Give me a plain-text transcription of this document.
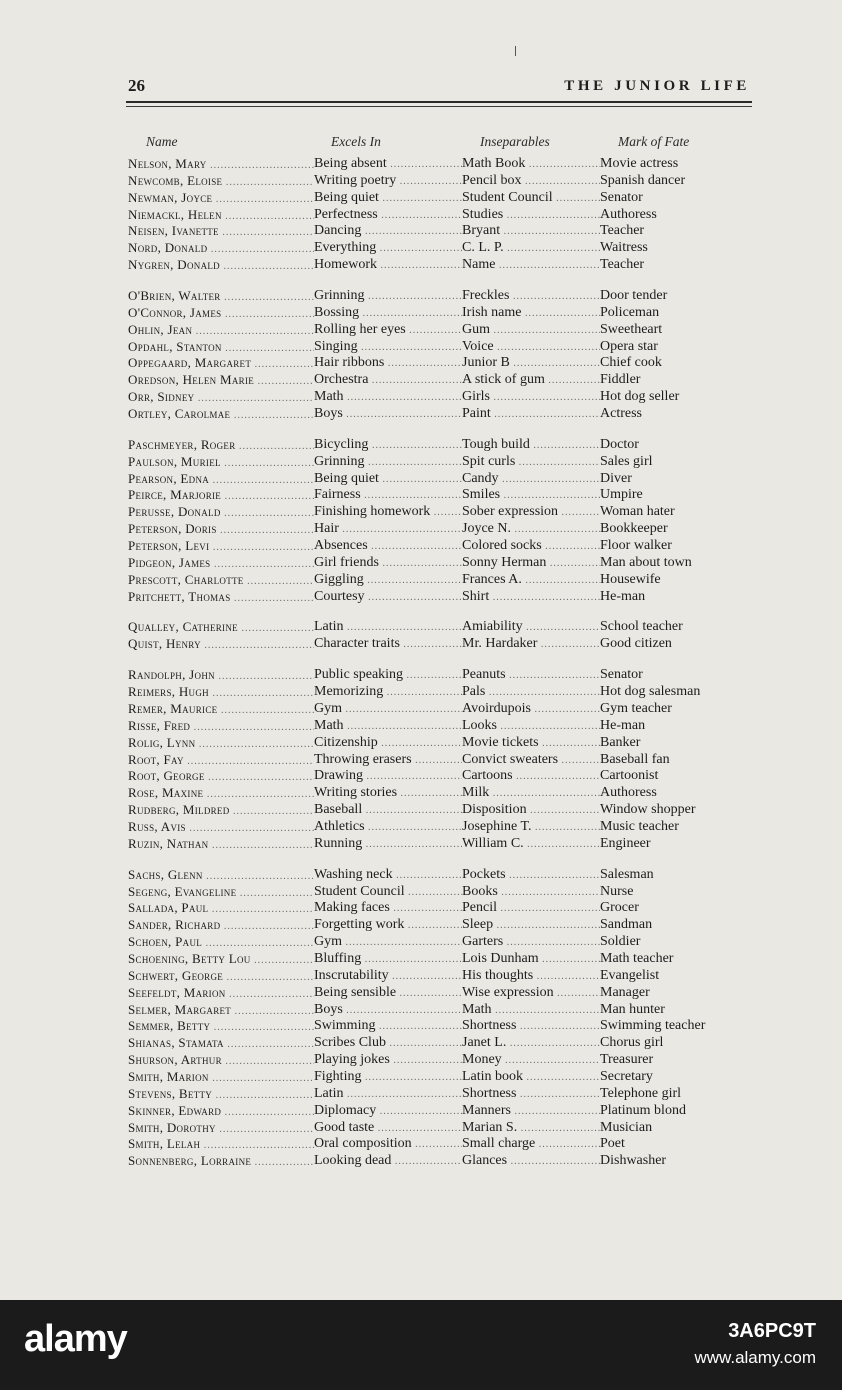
26	THE JUNIOR LIFE
Name	Excels In	Inseparables	Mark of Fate
Nelson, Mary .....	Being absent .....	Math Book .....	Movie actress
Newcomb, Eloise .....	Writing poetry .....	Pencil box .....	Spanish dancer
Newman, Joyce .....	Being quiet .....	Student Council .....	Senator
Niemackl, Helen .....	Perfectness .....	Studies .....	Authoress
Neisen, Ivanette .....	Dancing .....	Bryant .....	Teacher
Nord, Donald .....	Everything .....	C. L. P. .....	Waitress
Nygren, Donald .....	Homework .....	Name .....	Teacher
O'Brien, Walter .....	Grinning .....	Freckles .....	Door tender
O'Connor, James .....	Bossing .....	Irish name .....	Policeman
Ohlin, Jean .....	Rolling her eyes .....	Gum .....	Sweetheart
Opdahl, Stanton .....	Singing .....	Voice .....	Opera star
Oppegaard, Margaret .....	Hair ribbons .....	Junior B .....	Chief cook
Oredson, Helen Marie .....	Orchestra .....	A stick of gum .....	Fiddler
Orr, Sidney .....	Math .....	Girls .....	Hot dog seller
Ortley, Carolmae .....	Boys .....	Paint .....	Actress
Paschmeyer, Roger .....	Bicycling .....	Tough build .....	Doctor
Paulson, Muriel .....	Grinning .....	Spit curls .....	Sales girl
Pearson, Edna .....	Being quiet .....	Candy .....	Diver
Peirce, Marjorie .....	Fairness .....	Smiles .....	Umpire
Perusse, Donald .....	Finishing homework .....	Sober expression .....	Woman hater
Peterson, Doris .....	Hair .....	Joyce N. .....	Bookkeeper
Peterson, Levi .....	Absences .....	Colored socks .....	Floor walker
Pidgeon, James .....	Girl friends .....	Sonny Herman .....	Man about town
Prescott, Charlotte .....	Giggling .....	Frances A. .....	Housewife
Pritchett, Thomas .....	Courtesy .....	Shirt .....	He-man
Qualley, Catherine .....	Latin .....	Amiability .....	School teacher
Quist, Henry .....	Character traits .....	Mr. Hardaker .....	Good citizen
Randolph, John .....	Public speaking .....	Peanuts .....	Senator
Reimers, Hugh .....	Memorizing .....	Pals .....	Hot dog salesman
Remer, Maurice .....	Gym .....	Avoirdupois .....	Gym teacher
Risse, Fred .....	Math .....	Looks .....	He-man
Rolig, Lynn .....	Citizenship .....	Movie tickets .....	Banker
Root, Fay .....	Throwing erasers .....	Convict sweaters .....	Baseball fan
Root, George .....	Drawing .....	Cartoons .....	Cartoonist
Rose, Maxine .....	Writing stories .....	Milk .....	Authoress
Rudberg, Mildred .....	Baseball .....	Disposition .....	Window shopper
Russ, Avis .....	Athletics .....	Josephine T. .....	Music teacher
Ruzin, Nathan .....	Running .....	William C. .....	Engineer
Sachs, Glenn .....	Washing neck .....	Pockets .....	Salesman
Segeng, Evangeline .....	Student Council .....	Books .....	Nurse
Sallada, Paul .....	Making faces .....	Pencil .....	Grocer
Sander, Richard .....	Forgetting work .....	Sleep .....	Sandman
Schoen, Paul .....	Gym .....	Garters .....	Soldier
Schoening, Betty Lou .....	Bluffing .....	Lois Dunham .....	Math teacher
Schwert, George .....	Inscrutability .....	His thoughts .....	Evangelist
Seefeldt, Marion .....	Being sensible .....	Wise expression .....	Manager
Selmer, Margaret .....	Boys .....	Math .....	Man hunter
Semmer, Betty .....	Swimming .....	Shortness .....	Swimming teacher
Shianas, Stamata .....	Scribes Club .....	Janet L. .....	Chorus girl
Shurson, Arthur .....	Playing jokes .....	Money .....	Treasurer
Smith, Marion .....	Fighting .....	Latin book .....	Secretary
Stevens, Betty .....	Latin .....	Shortness .....	Telephone girl
Skinner, Edward .....	Diplomacy .....	Manners .....	Platinum blond
Smith, Dorothy .....	Good taste .....	Marian S. .....	Musician
Smith, Lelah .....	Oral composition .....	Small charge .....	Poet
Sonnenberg, Lorraine .....	Looking dead .....	Glances .....	Dishwasher
alamy	3A6PC9T
www.alamy.com
